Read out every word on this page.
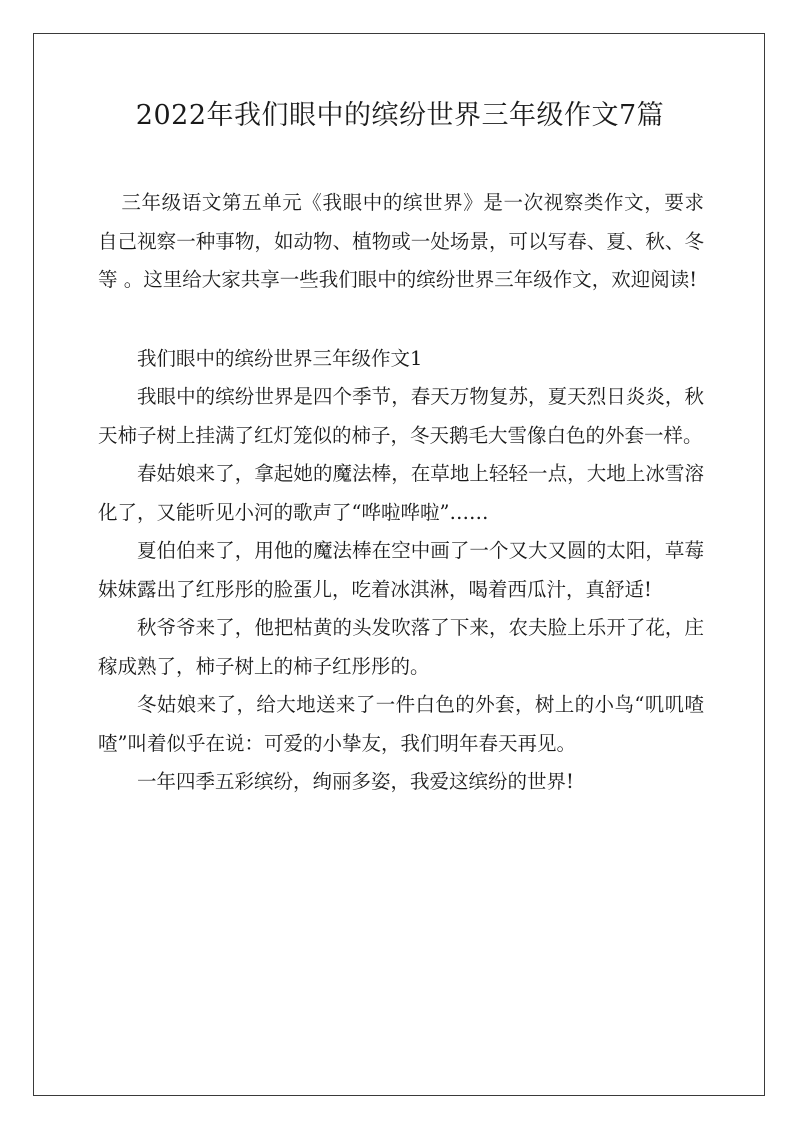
2022年我们眼中的缤纷世界三年级作文7篇

三年级语文第五单元《我眼中的缤世界》是一次视察类作文，要求自己视察一种事物，如动物、植物或一处场景，可以写春、夏、秋、冬等 。这里给大家共享一些我们眼中的缤纷世界三年级作文，欢迎阅读!

我们眼中的缤纷世界三年级作文1

我眼中的缤纷世界是四个季节，春天万物复苏，夏天烈日炎炎，秋天柿子树上挂满了红灯笼似的柿子，冬天鹅毛大雪像白色的外套一样。

春姑娘来了，拿起她的魔法棒，在草地上轻轻一点，大地上冰雪溶化了，又能听见小河的歌声了“哗啦哗啦”……

夏伯伯来了，用他的魔法棒在空中画了一个又大又圆的太阳，草莓妹妹露出了红彤彤的脸蛋儿，吃着冰淇淋，喝着西瓜汁，真舒适!

秋爷爷来了，他把枯黄的头发吹落了下来，农夫脸上乐开了花，庄稼成熟了，柿子树上的柿子红彤彤的。

冬姑娘来了，给大地送来了一件白色的外套，树上的小鸟“叽叽喳喳”叫着似乎在说：可爱的小挚友，我们明年春天再见。

一年四季五彩缤纷，绚丽多姿，我爱这缤纷的世界!
